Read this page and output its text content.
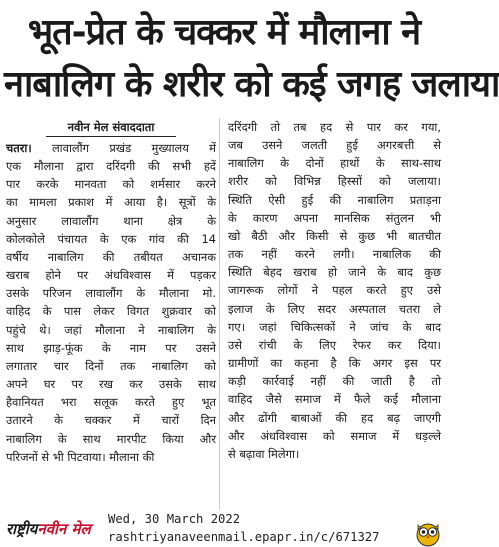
भूत-प्रेत के चक्कर में मौलाना ने
नाबालिग के शरीर को कई जगह जलाया
नवीन मेल संवाददाता
चतरा। लावालौंग प्रखंड मुख्यालय में
एक मौलाना द्वारा दरिंदगी की सभी हदें
पार करके मानवता को शर्मसार करने
का मामला प्रकाश में आया है। सूत्रों के
अनुसार लावालौंग थाना क्षेत्र के
कोलकोले पंचायत के एक गांव की 14
वर्षीय नाबालिग की तबीयत अचानक
खराब होने पर अंधविश्वास में पड़कर
उसके परिजन लावालौंग के मौलाना मो.
वाहिद के पास लेकर विगत शुक्रवार को
पहुंचे थे। जहां मौलाना ने नाबालिग के
साथ झाड़-फूंक के नाम पर उसने
लगातार चार दिनों तक नाबालिग को
अपने घर पर रख कर उसके साथ
हैवानियत भरा सलूक करते हुए भूत
उतारने के चक्कर में चारों दिन
नाबालिग के साथ मारपीट किया और
परिजनों से भी पिटवाया। मौलाना की
दरिंदगी तो तब हद से पार कर गया,
जब उसने जलती हुई अगरबत्ती से
नाबालिग के दोनों हाथों के साथ-साथ
शरीर को विभिन्न हिस्सों को जलाया।
स्थिति ऐसी हुई की नाबालिग प्रताड़ना
के कारण अपना मानसिक संतुलन भी
खो बैठी और किसी से कुछ भी बातचीत
तक नहीं करने लगी। नाबालिक की
स्थिति बेहद खराब हो जाने के बाद कुछ
जागरूक लोगों ने पहल करते हुए उसे
इलाज के लिए सदर अस्पताल चतरा ले
गए। जहां चिकित्सकों ने जांच के बाद
उसे रांची के लिए रेफर कर दिया।
ग्रामीणों का कहना है कि अगर इस पर
कड़ी कार्रवाई नहीं की जाती है तो
वाहिद जैसे समाज में फैले कई मौलाना
और ढोंगी बाबाओं की हद बढ़ जाएगी
और अंधविश्वास को समाज में धड़ल्ले
से बढ़ावा मिलेगा।
राष्ट्रीयनवीन मेल
Wed, 30 March 2022
rashtriyanaveenmail.epapr.in/c/671327
